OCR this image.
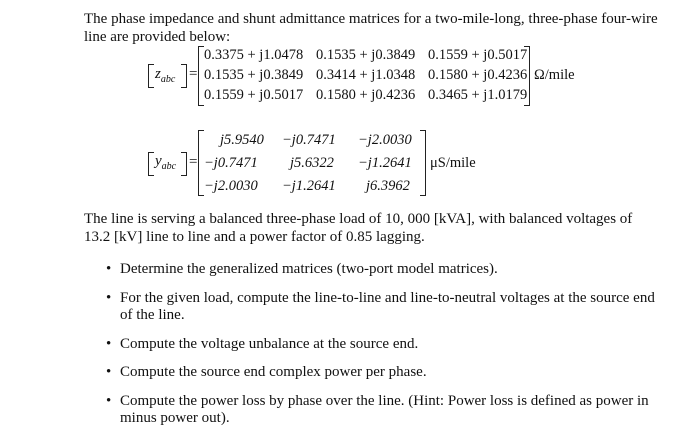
The phase impedance and shunt admittance matrices for a two-mile-long, three-phase four-wire
line are provided below:
$z_{abc}$ =
0.3375 + j1.0478 0.1535 + j0.3849 0.1559 + j0.5017
0.1535 + j0.3849 0.3414 + j1.0348 0.1580 + j0.4236
0.1559 + j0.5017 0.1580 + j0.4236 0.3465 + j1.0179
Ω/mile
$y_{abc}$ =
j5.9540 −j0.7471 −j2.0030
−j0.7471 j5.6322 −j1.2641
−j2.0030 −j1.2641 j6.3962
μS/mile
The line is serving a balanced three-phase load of 10, 000 [kVA], with balanced voltages of
13.2 [kV] line to line and a power factor of 0.85 lagging.
• Determine the generalized matrices (two-port model matrices).
• For the given load, compute the line-to-line and line-to-neutral voltages at the source end of the line.
• Compute the voltage unbalance at the source end.
• Compute the source end complex power per phase.
• Compute the power loss by phase over the line. (Hint: Power loss is defined as power in minus power out).
